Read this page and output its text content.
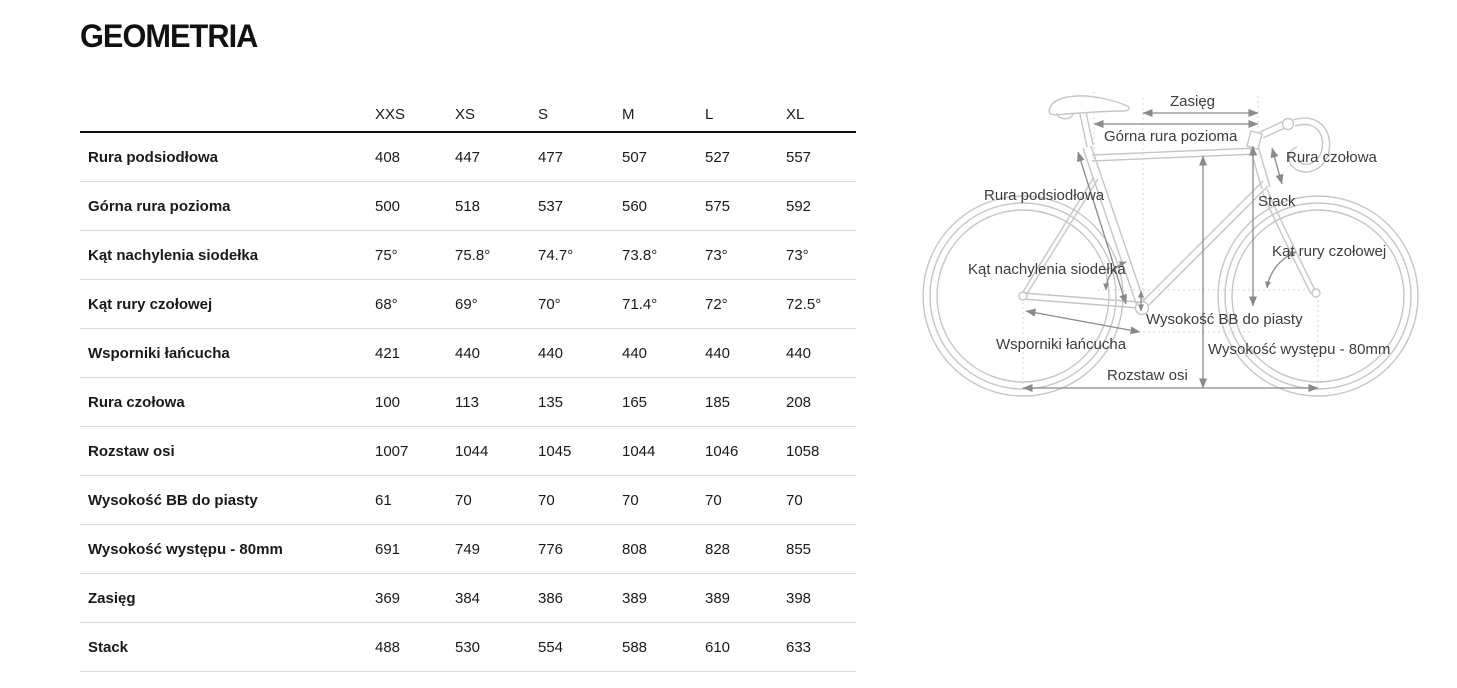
GEOMETRIA
XXS	XS	S	M	L	XL
Rura podsiodłowa	408	447	477	507	527	557
Górna rura pozioma	500	518	537	560	575	592
Kąt nachylenia siodełka	75°	75.8°	74.7°	73.8°	73°	73°
Kąt rury czołowej	68°	69°	70°	71.4°	72°	72.5°
Wsporniki łańcucha	421	440	440	440	440	440
Rura czołowa	100	113	135	165	185	208
Rozstaw osi	1007	1044	1045	1044	1046	1058
Wysokość BB do piasty	61	70	70	70	70	70
Wysokość występu - 80mm	691	749	776	808	828	855
Zasięg	369	384	386	389	389	398
Stack	488	530	554	588	610	633
Zasięg
Górna rura pozioma
Rura czołowa
Stack
Kąt rury czołowej
Rura podsiodłowa
Kąt nachylenia siodełka
Wsporniki łańcucha
Wysokość BB do piasty
Wysokość występu - 80mm
Rozstaw osi
